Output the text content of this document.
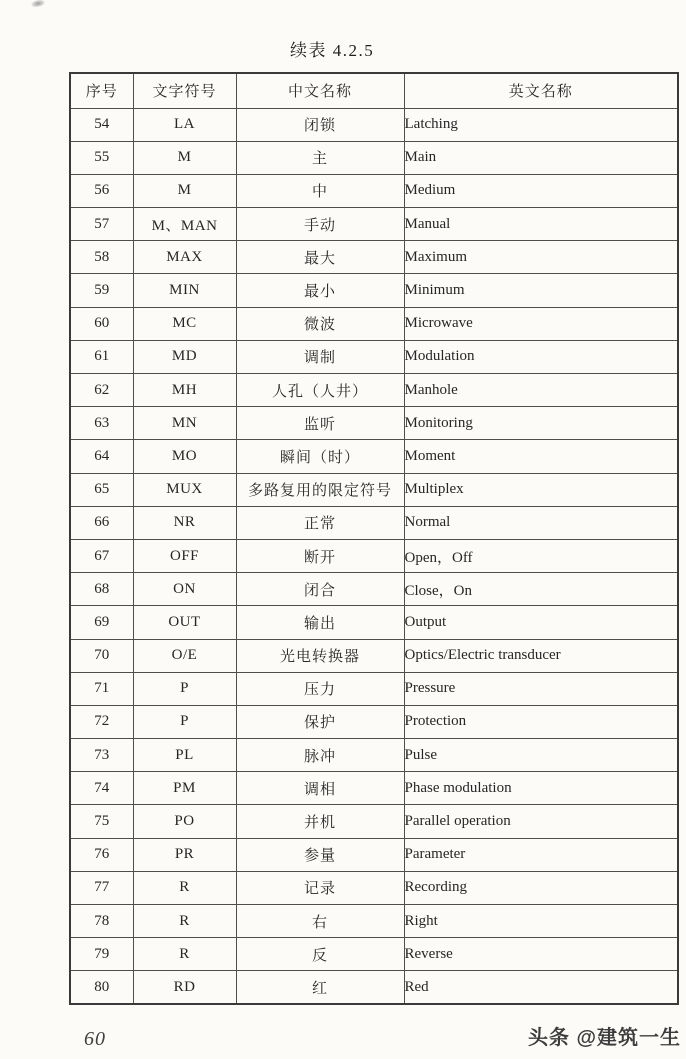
续表 4.2.5
序号	文字符号	中文名称	英文名称
54	LA	闭锁	Latching
55	M	主	Main
56	M	中	Medium
57	M、MAN	手动	Manual
58	MAX	最大	Maximum
59	MIN	最小	Minimum
60	MC	微波	Microwave
61	MD	调制	Modulation
62	MH	人孔（人井）	Manhole
63	MN	监听	Monitoring
64	MO	瞬间（时）	Moment
65	MUX	多路复用的限定符号	Multiplex
66	NR	正常	Normal
67	OFF	断开	Open，Off
68	ON	闭合	Close，On
69	OUT	输出	Output
70	O/E	光电转换器	Optics/Electric transducer
71	P	压力	Pressure
72	P	保护	Protection
73	PL	脉冲	Pulse
74	PM	调相	Phase modulation
75	PO	并机	Parallel operation
76	PR	参量	Parameter
77	R	记录	Recording
78	R	右	Right
79	R	反	Reverse
80	RD	红	Red
60	头条 @建筑一生
